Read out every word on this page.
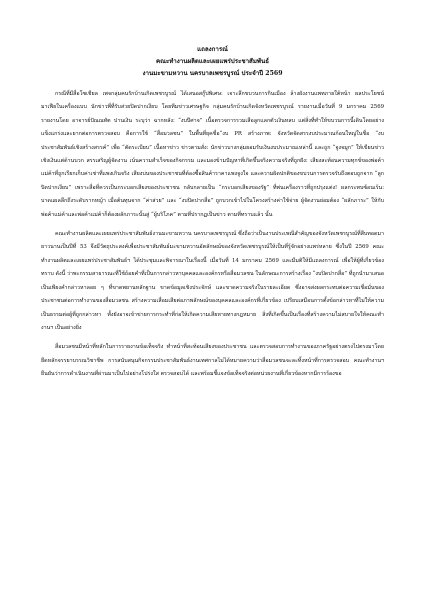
แถลงการณ์
คณะทำงานผลิตและเผยแพร่ประชาสัมพันธ์
งานมะขามหวาน นครบาลเพชรบูรณ์ ประจำปี 2569

กรณีที่มีสื่อโซเชียล เพจกลุ่มคนรักบ้านเกิดเพชรบูรณ์ ได้เสนอสกู๊ปพิเศษ: เจาะลึกขบวนการกินเมือง ล้างผังงานแพทภายใต้หน้า ผลประโยชน์มาเฟียในเครื่องแบบ นักข่าวพี่ที่รับส่วยปิดปากเงียบ โดยทีมข่าวเศรษฐกิจ กลุ่มคนรักบ้านเกิดจังหวัดเพชรบูรณ์ รายงานเมื่อวันที่ 9 มกราคม 2569 รายงานโดย อาจารย์ปัณณทัต ปานเงิน ระบุว่า ฉากหลัง: “งบปีศาจ” เนื้อตรวจการรวมเสือลูกแลกตัวเงินหลบ แต่สิ่งที่ทำให้ขบวนการนี้เดินโดยอย่างแข็งแกร่งและยากต่อการตรวจสอบ คือการใช้ “สื่อมวลชน” ในพื้นที่ยุคชื่อ“งบ PR สร้างภาพ: จังหวัดจัดสรรงบประมาณก้อนใหญ่ในชื่อ “งบประชาสัมพันธ์เชิงสร้างสรรค์” เพื่อ “ตัดระเบียบ” เนื้อหาข่าว ข่าวตามสั่ง: นักข่าวบางกลุ่มยอมรับเงินงบประมาณเหล่านี้ และถูก “จูงจมูก” ให้เขียนข่าวเชิงเงินแต่ด้านบวก สรรเสริญผู้จัดงาน เน้นความสำเร็จของกิจกรรม และมองข้ามปัญหาที่เกิดขึ้นจริงความจริงที่ถูกฝัง: เสียงสะท้อนความทุกข์ของพ่อค้าแม่ค้าที่ถูกเรียกเก็บค่าเช่าที่แพงเกินจริง เสียงบ่นของประชาชนที่ต้องซื้อสินค้าราคาแพงจูงใจ และความผิดปกติของขบวนการตรวจรับถึงตอบถูกจาก “ลูกปิดปากเงียบ” เพราะสื่อที่ควรเป็นกระบอกเสียงของประชาชน กลับกลายเป็น “กระบอกเสียงของรัฐ” ที่พ่นเครื่องราวที่ถูกปรุงแต่ง! ผลกระทบซ้อนเร้น: บาดแผลลึกถึงระดับรากหญ้า เมื่อต้นทุนจาก “ค่าส่วย” และ “งบปิดปากสื่อ” ถูกบวกเข้าไปในโครงสร้างค่าใช้จ่าย ผู้จัดงานย่อมต้อง “ผลักภาระ” ให้กับพ่อค้าแม่ค้าและพ่อค้าแม่ค้าก็ต้องผลักภาระนั้นสู่ “ผู้บริโภค” ตามที่ปรากฏเป็นข่าว ตามที่ทราบแล้ว นั้น

คณะทำงานผลิตและเผยแพร่ประชาสัมพันธ์งานมะขามหวาน นครบาลเพชรบูรณ์ ซึ่งถือว่าเป็นงานประเพณีสำคัญของจังหวัดเพชรบูรณ์ที่สืบทอดมายาวนานเป็นปีที่ 53 จึงมีวัตถุประสงค์เพื่อประชาสัมพันธ์มะขามหวานอัตลักษณ์ของจังหวัดเพชรบูรณ์ให้เป็นที่รู้จักอย่างแพร่หลาย ซึ่งในปี 2569 คณะทำงานผลิตและเผยแพร่ประชาสัมพันธ์ฯ ได้ประชุมและพิจารณาในเรื่องนี้ เมื่อวันที่ 14 มกราคม 2569 และมีมติให้มีแถลงการณ์ เพื่อให้ผู้ที่เกี่ยวข้องทราบ ดังนี้ ว่าพะกรรมสาธารณะที่ใช้ถ้อยคำที่เป็นการกล่าวหาบุคคลและองค์กรหรือสื่อมวลชน ในลักษณะการสร้างเรื่อง “งบปิดปากสื่อ” ที่ถูกนำมาเสนอ เป็นเพียงคำกล่าวหาลอย ๆ ที่ขาดพยานหลักฐาน ขาดข้อมูลเชิงประจักษ์ และขาดความจริงในรายละเอียด ซึ่งอาจส่งผลกระทบต่อความเชื่อมั่นของประชาชนต่อการทำงานของสื่อมวลชน สร้างความเสื่อมเสียต่อภาพลักษณ์ของบุคคลและองค์กรที่เกี่ยวข้อง เปรียบเสมือนการตั้งข้อกล่าวหาที่ไม่ให้ความเป็นธรรมต่อผู้ที่ถูกกล่าวหา ทั้งยังอาจเข้าข่ายการกระทำที่ก่อให้เกิดความเสียหายทางกฎหมาย สิ่งที่เกิดขึ้นเป็นเรื่องที่สร้างความไม่สบายใจให้คณะทำงานฯ เป็นอย่างยิ่ง

สื่อมวลชนมีหน้าที่หลักในการรายงานข้อเท็จจริง ทำหน้าที่สะท้อนเสียงของประชาชน และตรวจสอบการทำงานของภาครัฐอย่างตรงไปตรงมาโดยยึดหลักจรรยาบรรณวิชาชีพ การสนับสนุนกิจกรรมประชาสัมพันธ์งานเทศกาลไม่ได้หมายความว่าสื่อมวลชนจะละทิ้งหน้าที่การตรวจสอบ คณะทำงานฯ ยืนยันว่าการดำเนินงานที่ผ่านมาเป็นไปอย่างโปร่งใส ตรวจสอบได้ และพร้อมชี้แจงข้อเท็จจริงต่อหน่วยงานที่เกี่ยวข้องหากมีการร้องขอ
